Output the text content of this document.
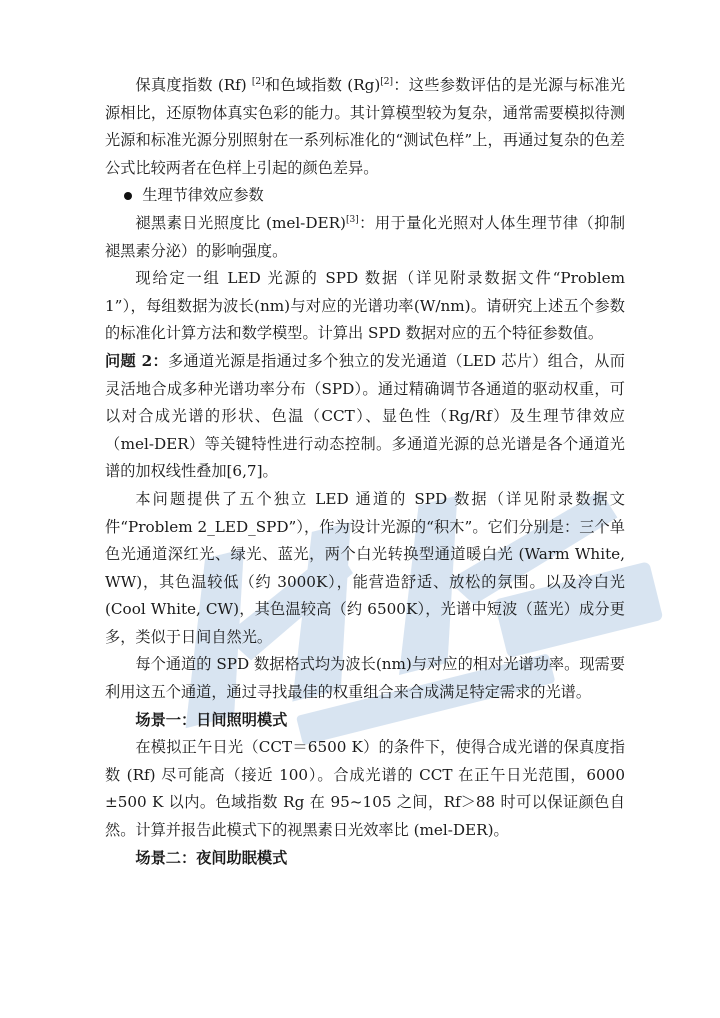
保真度指数 (Rf) [2]和色域指数 (Rg)[2]：这些参数评估的是光源与标准光源相比，还原物体真实色彩的能力。其计算模型较为复杂，通常需要模拟待测光源和标准光源分别照射在一系列标准化的“测试色样”上，再通过复杂的色差公式比较两者在色样上引起的颜色差异。

生理节律效应参数

褪黑素日光照度比 (mel-DER)[3]：用于量化光照对人体生理节律（抑制褪黑素分泌）的影响强度。

现给定一组 LED 光源的 SPD 数据（详见附录数据文件“Problem 1”），每组数据为波长(nm)与对应的光谱功率(W/nm)。请研究上述五个参数的标准化计算方法和数学模型。计算出 SPD 数据对应的五个特征参数值。

问题 2：多通道光源是指通过多个独立的发光通道（LED 芯片）组合，从而灵活地合成多种光谱功率分布（SPD）。通过精确调节各通道的驱动权重，可以对合成光谱的形状、色温（CCT）、显色性（Rg/Rf）及生理节律效应（mel-DER）等关键特性进行动态控制。多通道光源的总光谱是各个通道光谱的加权线性叠加[6,7]。

本问题提供了五个独立 LED 通道的 SPD 数据（详见附录数据文件“Problem 2_LED_SPD”），作为设计光源的“积木”。它们分别是：三个单色光通道深红光、绿光、蓝光，两个白光转换型通道暖白光 (Warm White, WW)，其色温较低（约 3000K），能营造舒适、放松的氛围。以及冷白光 (Cool White, CW)，其色温较高（约 6500K），光谱中短波（蓝光）成分更多，类似于日间自然光。

每个通道的 SPD 数据格式均为波长(nm)与对应的相对光谱功率。现需要利用这五个通道，通过寻找最佳的权重组合来合成满足特定需求的光谱。

场景一：日间照明模式

在模拟正午日光（CCT＝6500 K）的条件下，使得合成光谱的保真度指数 (Rf) 尽可能高（接近 100）。合成光谱的 CCT 在正午日光范围，6000 ±500 K 以内。色域指数 Rg 在 95~105 之间，Rf＞88 时可以保证颜色自然。计算并报告此模式下的视黑素日光效率比 (mel-DER)。

场景二：夜间助眠模式
